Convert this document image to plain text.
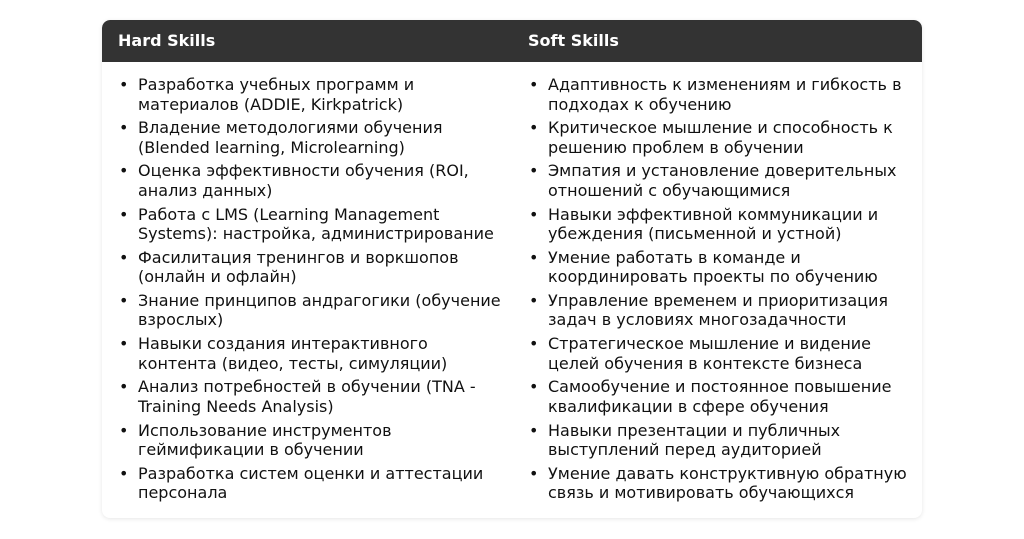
Hard Skills	Soft Skills
• Разработка учебных программ и материалов (ADDIE, Kirkpatrick)
• Владение методологиями обучения (Blended learning, Microlearning)
• Оценка эффективности обучения (ROI, анализ данных)
• Работа с LMS (Learning Management Systems): настройка, администрирование
• Фасилитация тренингов и воркшопов (онлайн и офлайн)
• Знание принципов андрагогики (обучение взрослых)
• Навыки создания интерактивного контента (видео, тесты, симуляции)
• Анализ потребностей в обучении (TNA - Training Needs Analysis)
• Использование инструментов геймификации в обучении
• Разработка систем оценки и аттестации персонала
• Адаптивность к изменениям и гибкость в подходах к обучению
• Критическое мышление и способность к решению проблем в обучении
• Эмпатия и установление доверительных отношений с обучающимися
• Навыки эффективной коммуникации и убеждения (письменной и устной)
• Умение работать в команде и координировать проекты по обучению
• Управление временем и приоритизация задач в условиях многозадачности
• Стратегическое мышление и видение целей обучения в контексте бизнеса
• Самообучение и постоянное повышение квалификации в сфере обучения
• Навыки презентации и публичных выступлений перед аудиторией
• Умение давать конструктивную обратную связь и мотивировать обучающихся
